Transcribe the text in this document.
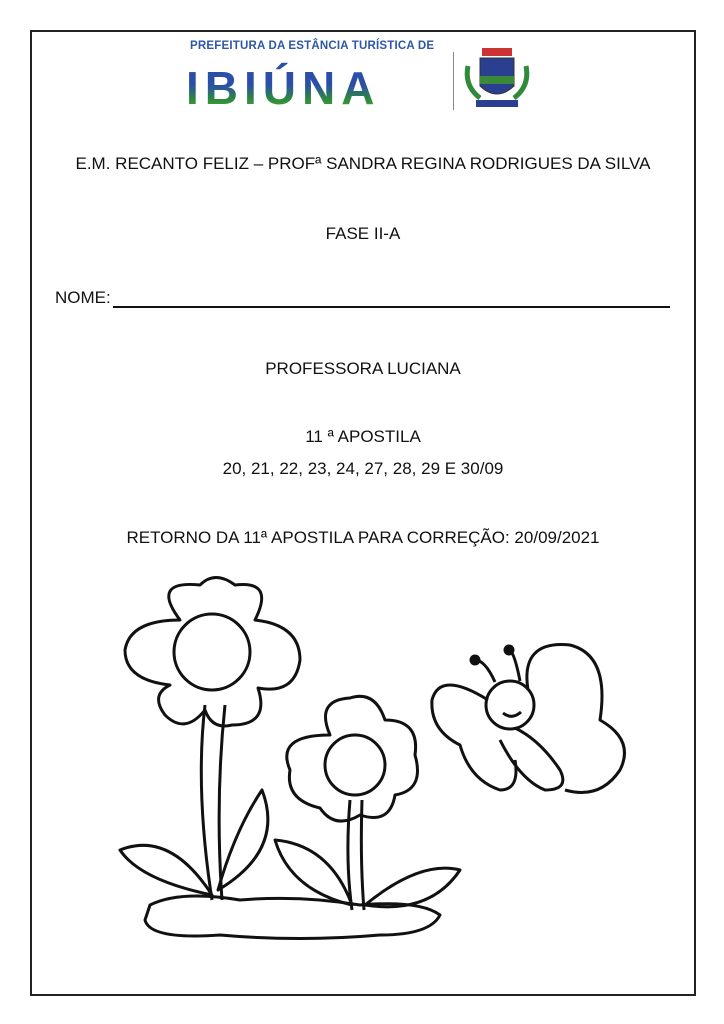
PREFEITURA DA ESTÂNCIA TURÍSTICA DE
IBIÚNA
E.M. RECANTO FELIZ – PROFª SANDRA REGINA RODRIGUES DA SILVA
FASE II-A
NOME:
PROFESSORA LUCIANA
11 ª APOSTILA
20, 21, 22, 23, 24, 27, 28, 29 E 30/09
RETORNO DA 11ª APOSTILA PARA CORREÇÃO: 20/09/2021
